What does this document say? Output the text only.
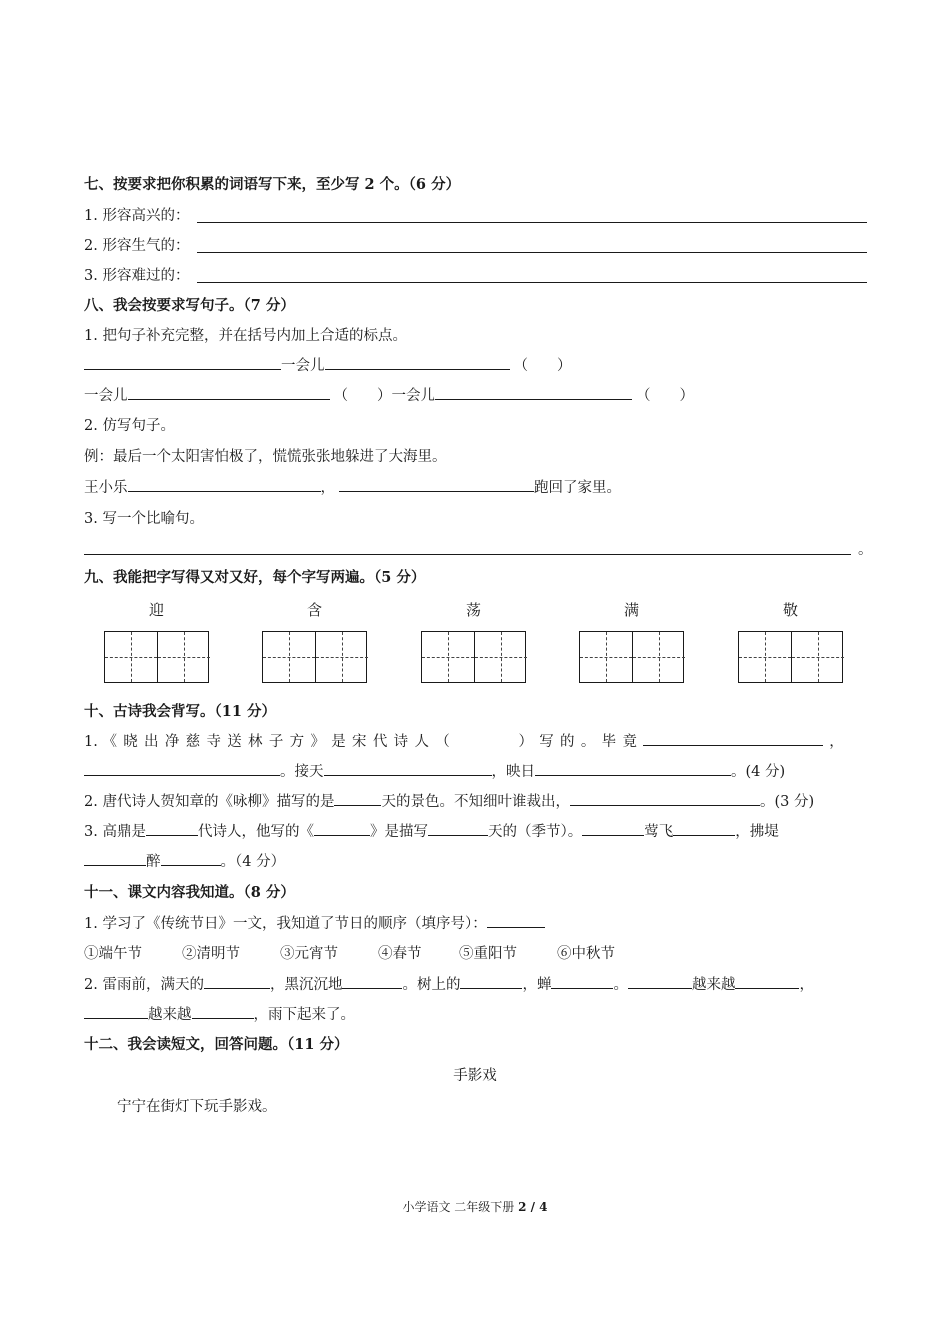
七、按要求把你积累的词语写下来，至少写 2 个。（6 分）
1. 形容高兴的：
2. 形容生气的：
3. 形容难过的：
八、我会按要求写句子。（7 分）
1. 把句子补充完整，并在括号内加上合适的标点。
一会儿	（　　）
一会儿	（　　）一会儿	（　　）
2. 仿写句子。
例：最后一个太阳害怕极了，慌慌张张地躲进了大海里。
王小乐	，	跑回了家里。
3. 写一个比喻句。
。
九、我能把字写得又对又好，每个字写两遍。（5 分）
迎	含	荡	满	敬
十、古诗我会背写。（11 分）
1. 《晓出净慈寺送林子方》是宋代诗人（　　　）写的。毕竟	，
。接天	，映日	。(4 分)
2. 唐代诗人贺知章的《咏柳》描写的是	天的景色。不知细叶谁裁出，	。(3 分)
3. 高鼎是	代诗人，他写的《	》是描写	天的（季节）。	莺飞	，拂堤
醉	。（4 分）
十一、课文内容我知道。（8 分）
1. 学习了《传统节日》一文，我知道了节日的顺序（填序号）：
①端午节	②清明节	③元宵节	④春节	⑤重阳节	⑥中秋节
2. 雷雨前，满天的	，黑沉沉地	。树上的	，蝉	。	越来越	，
越来越	，雨下起来了。
十二、我会读短文，回答问题。（11 分）
手影戏
宁宁在街灯下玩手影戏。
小学语文 二年级下册 2 / 4
